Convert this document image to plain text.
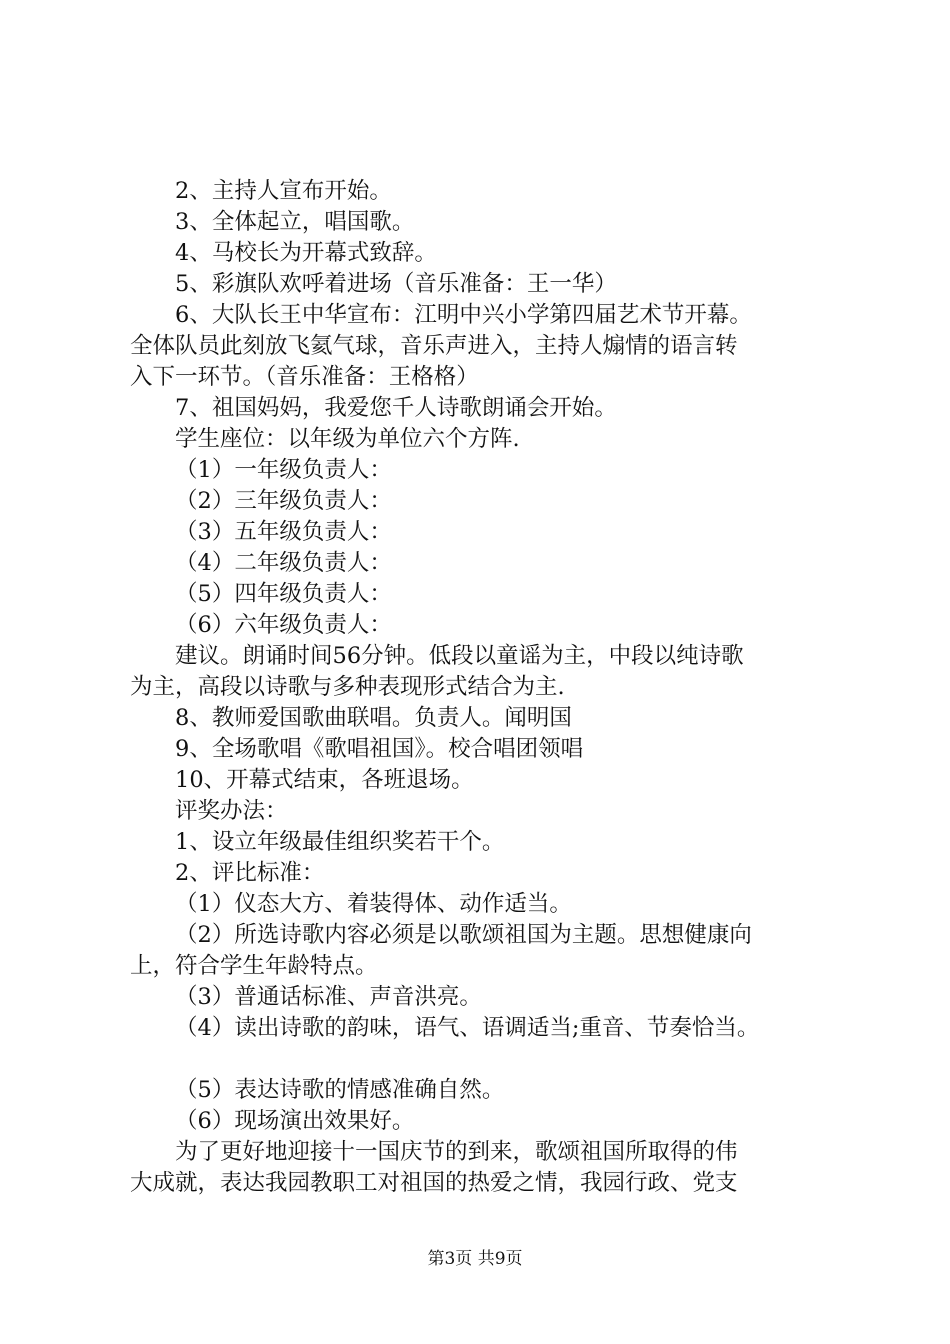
2、主持人宣布开始。

3、全体起立，唱国歌。

4、马校长为开幕式致辞。

5、彩旗队欢呼着进场（音乐准备：王一华）

6、大队长王中华宣布：江明中兴小学第四届艺术节开幕。

全体队员此刻放飞氦气球，音乐声进入，主持人煽情的语言转

入下一环节。（音乐准备：王格格）

7、祖国妈妈，我爱您千人诗歌朗诵会开始。

学生座位：以年级为单位六个方阵.

（1）一年级负责人：

（2）三年级负责人：

（3）五年级负责人：

（4）二年级负责人：

（5）四年级负责人：

（6）六年级负责人：

建议。朗诵时间56分钟。低段以童谣为主，中段以纯诗歌

为主，高段以诗歌与多种表现形式结合为主.

8、教师爱国歌曲联唱。负责人。闻明国

9、全场歌唱《歌唱祖国》。校合唱团领唱

10、开幕式结束，各班退场。

评奖办法：

1、设立年级最佳组织奖若干个。

2、评比标准：

（1）仪态大方、着装得体、动作适当。

（2）所选诗歌内容必须是以歌颂祖国为主题。思想健康向

上，符合学生年龄特点。

（3）普通话标准、声音洪亮。

（4）读出诗歌的韵味，语气、语调适当;重音、节奏恰当。

（5）表达诗歌的情感准确自然。

（6）现场演出效果好。

为了更好地迎接十一国庆节的到来，歌颂祖国所取得的伟

大成就，表达我园教职工对祖国的热爱之情，我园行政、党支

第3页 共9页
